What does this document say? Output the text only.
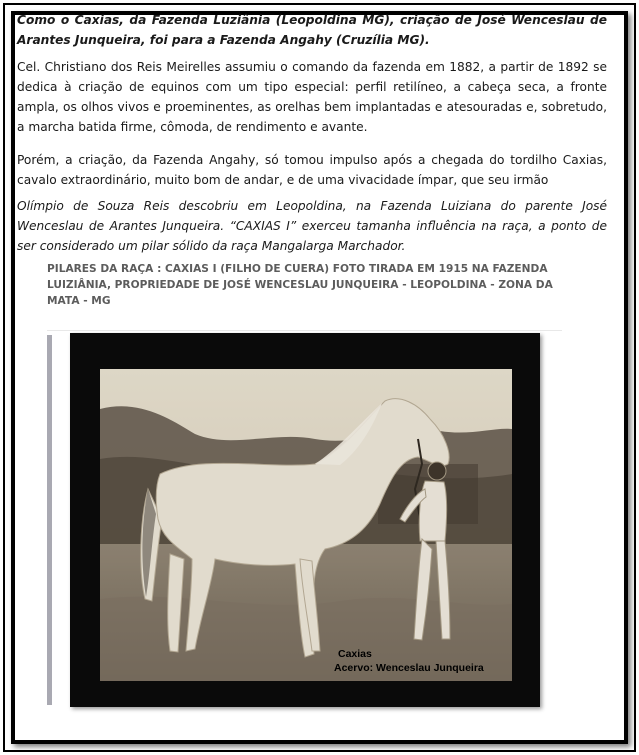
Como o Caxias, da Fazenda Luziânia (Leopoldina MG), criação de José Wenceslau de Arantes Junqueira, foi para a Fazenda Angahy (Cruzília MG).
Cel. Christiano dos Reis Meirelles assumiu o comando da fazenda em 1882, a partir de 1892 se dedica à criação de equinos com um tipo especial: perfil retilíneo, a cabeça seca, a fronte ampla, os olhos vivos e proeminentes, as orelhas bem implantadas e atesouradas e, sobretudo, a marcha batida firme, cômoda, de rendimento e avante.
Porém, a criação, da Fazenda Angahy, só tomou impulso após a chegada do tordilho Caxias, cavalo extraordinário, muito bom de andar, e de uma vivacidade ímpar, que seu irmão
Olímpio de Souza Reis descobriu em Leopoldina, na Fazenda Luiziana do parente José Wenceslau de Arantes Junqueira. “CAXIAS I” exerceu tamanha influência na raça, a ponto de ser considerado um pilar sólido da raça Mangalarga Marchador.
PILARES DA RAÇA : CAXIAS I (FILHO DE CUERA) FOTO TIRADA EM 1915 NA FAZENDA LUIZIÂNIA, PROPRIEDADE DE JOSÉ WENCESLAU JUNQUEIRA - LEOPOLDINA - ZONA DA MATA - MG
Caxias
Acervo: Wenceslau Junqueira
